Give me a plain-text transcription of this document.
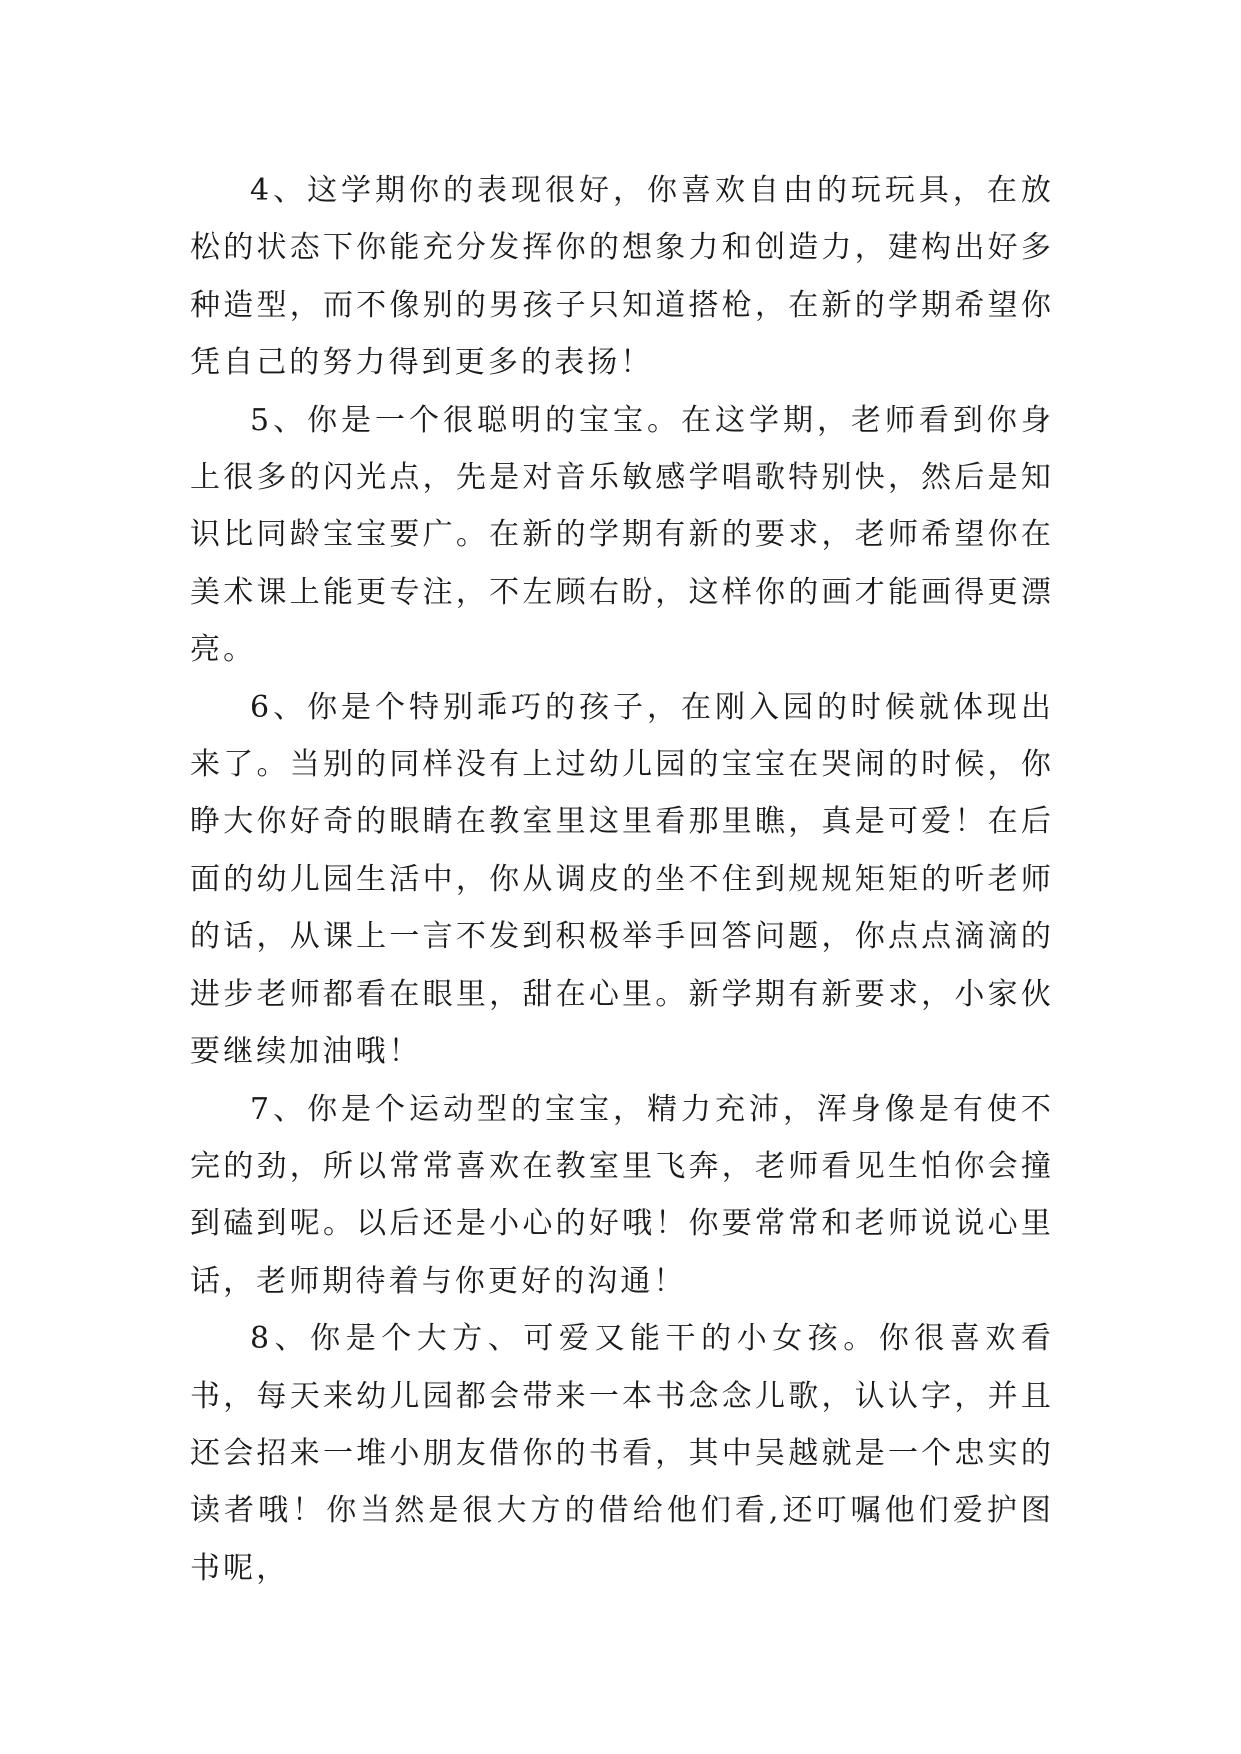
4、这学期你的表现很好，你喜欢自由的玩玩具，在放松的状态下你能充分发挥你的想象力和创造力，建构出好多种造型，而不像别的男孩子只知道搭枪，在新的学期希望你凭自己的努力得到更多的表扬！

5、你是一个很聪明的宝宝。在这学期，老师看到你身上很多的闪光点，先是对音乐敏感学唱歌特别快，然后是知识比同龄宝宝要广。在新的学期有新的要求，老师希望你在美术课上能更专注，不左顾右盼，这样你的画才能画得更漂亮。

6、你是个特别乖巧的孩子，在刚入园的时候就体现出来了。当别的同样没有上过幼儿园的宝宝在哭闹的时候，你睁大你好奇的眼睛在教室里这里看那里瞧，真是可爱！在后面的幼儿园生活中，你从调皮的坐不住到规规矩矩的听老师的话，从课上一言不发到积极举手回答问题，你点点滴滴的进步老师都看在眼里，甜在心里。新学期有新要求，小家伙要继续加油哦！

7、你是个运动型的宝宝，精力充沛，浑身像是有使不完的劲，所以常常喜欢在教室里飞奔，老师看见生怕你会撞到磕到呢。以后还是小心的好哦！你要常常和老师说说心里话，老师期待着与你更好的沟通！

8、你是个大方、可爱又能干的小女孩。你很喜欢看书，每天来幼儿园都会带来一本书念念儿歌，认认字，并且还会招来一堆小朋友借你的书看，其中吴越就是一个忠实的读者哦！你当然是很大方的借给他们看,还叮嘱他们爱护图书呢，
